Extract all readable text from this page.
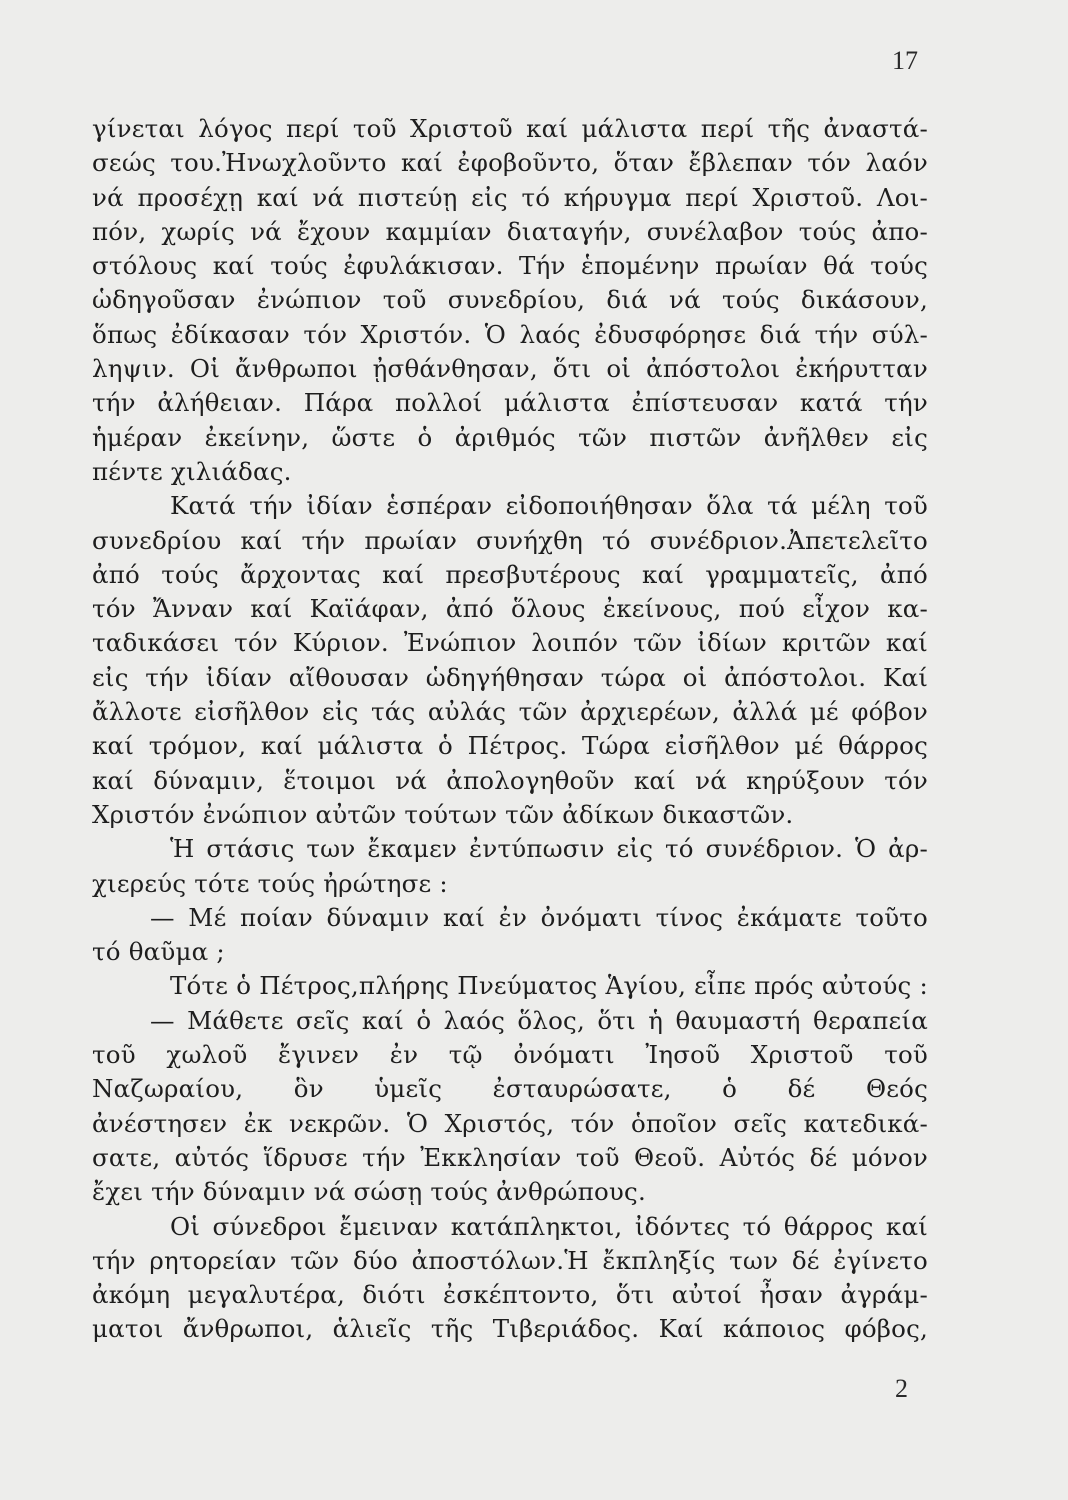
17
γίνεται λόγος περί τοῦ Χριστοῦ καί μάλιστα περί τῆς ἀναστά-
σεώς του.Ἠνωχλοῦντο καί ἐφοβοῦντο, ὅταν ἔβλεπαν τόν λαόν
νά προσέχῃ καί νά πιστεύῃ εἰς τό κήρυγμα περί Χριστοῦ. Λοι-
πόν, χωρίς νά ἔχουν καμμίαν διαταγήν, συνέλαβον τούς ἀπο-
στόλους καί τούς ἐφυλάκισαν. Τήν ἑπομένην πρωίαν θά τούς
ὡδηγοῦσαν ἐνώπιον τοῦ συνεδρίου, διά νά τούς δικάσουν,
ὅπως ἐδίκασαν τόν Χριστόν. Ὁ λαός ἐδυσφόρησε διά τήν σύλ-
ληψιν. Οἱ ἄνθρωποι ᾐσθάνθησαν, ὅτι οἱ ἀπόστολοι ἐκήρυτταν
τήν ἀλήθειαν. Πάρα πολλοί μάλιστα ἐπίστευσαν κατά τήν
ἡμέραν ἐκείνην, ὥστε ὁ ἀριθμός τῶν πιστῶν ἀνῆλθεν εἰς
πέντε χιλιάδας.
Κατά τήν ἰδίαν ἑσπέραν εἰδοποιήθησαν ὅλα τά μέλη τοῦ
συνεδρίου καί τήν πρωίαν συνήχθη τό συνέδριον.Ἀπετελεῖτο
ἀπό τούς ἄρχοντας καί πρεσβυτέρους καί γραμματεῖς, ἀπό
τόν Ἄνναν καί Καϊάφαν, ἀπό ὅλους ἐκείνους, πού εἶχον κα-
ταδικάσει τόν Κύριον. Ἐνώπιον λοιπόν τῶν ἰδίων κριτῶν καί
εἰς τήν ἰδίαν αἴθουσαν ὡδηγήθησαν τώρα οἱ ἀπόστολοι. Καί
ἄλλοτε εἰσῆλθον εἰς τάς αὐλάς τῶν ἀρχιερέων, ἀλλά μέ φόβον
καί τρόμον, καί μάλιστα ὁ Πέτρος. Τώρα εἰσῆλθον μέ θάρρος
καί δύναμιν, ἕτοιμοι νά ἀπολογηθοῦν καί νά κηρύξουν τόν
Χριστόν ἐνώπιον αὐτῶν τούτων τῶν ἀδίκων δικαστῶν.
Ἡ στάσις των ἔκαμεν ἐντύπωσιν εἰς τό συνέδριον. Ὁ ἀρ-
χιερεύς τότε τούς ἠρώτησε :
— Μέ ποίαν δύναμιν καί ἐν ὀνόματι τίνος ἐκάματε τοῦτο
τό θαῦμα ;
Τότε ὁ Πέτρος,πλήρης Πνεύματος Ἁγίου, εἶπε πρός αὐτούς :
— Μάθετε σεῖς καί ὁ λαός ὅλος, ὅτι ἡ θαυμαστή θεραπεία
τοῦ χωλοῦ ἔγινεν ἐν τῷ ὀνόματι Ἰησοῦ Χριστοῦ τοῦ
Ναζωραίου, ὃν ὑμεῖς ἐσταυρώσατε, ὁ δέ Θεός
ἀνέστησεν ἐκ νεκρῶν. Ὁ Χριστός, τόν ὁποῖον σεῖς κατεδικά-
σατε, αὐτός ἵδρυσε τήν Ἐκκλησίαν τοῦ Θεοῦ. Αὐτός δέ μόνον
ἔχει τήν δύναμιν νά σώσῃ τούς ἀνθρώπους.
Οἱ σύνεδροι ἔμειναν κατάπληκτοι, ἰδόντες τό θάρρος καί
τήν ρητορείαν τῶν δύο ἀποστόλων.Ἡ ἔκπληξίς των δέ ἐγίνετο
ἀκόμη μεγαλυτέρα, διότι ἐσκέπτοντο, ὅτι αὐτοί ἦσαν ἀγράμ-
ματοι ἄνθρωποι, ἁλιεῖς τῆς Τιβεριάδος. Καί κάποιος φόβος,
2
